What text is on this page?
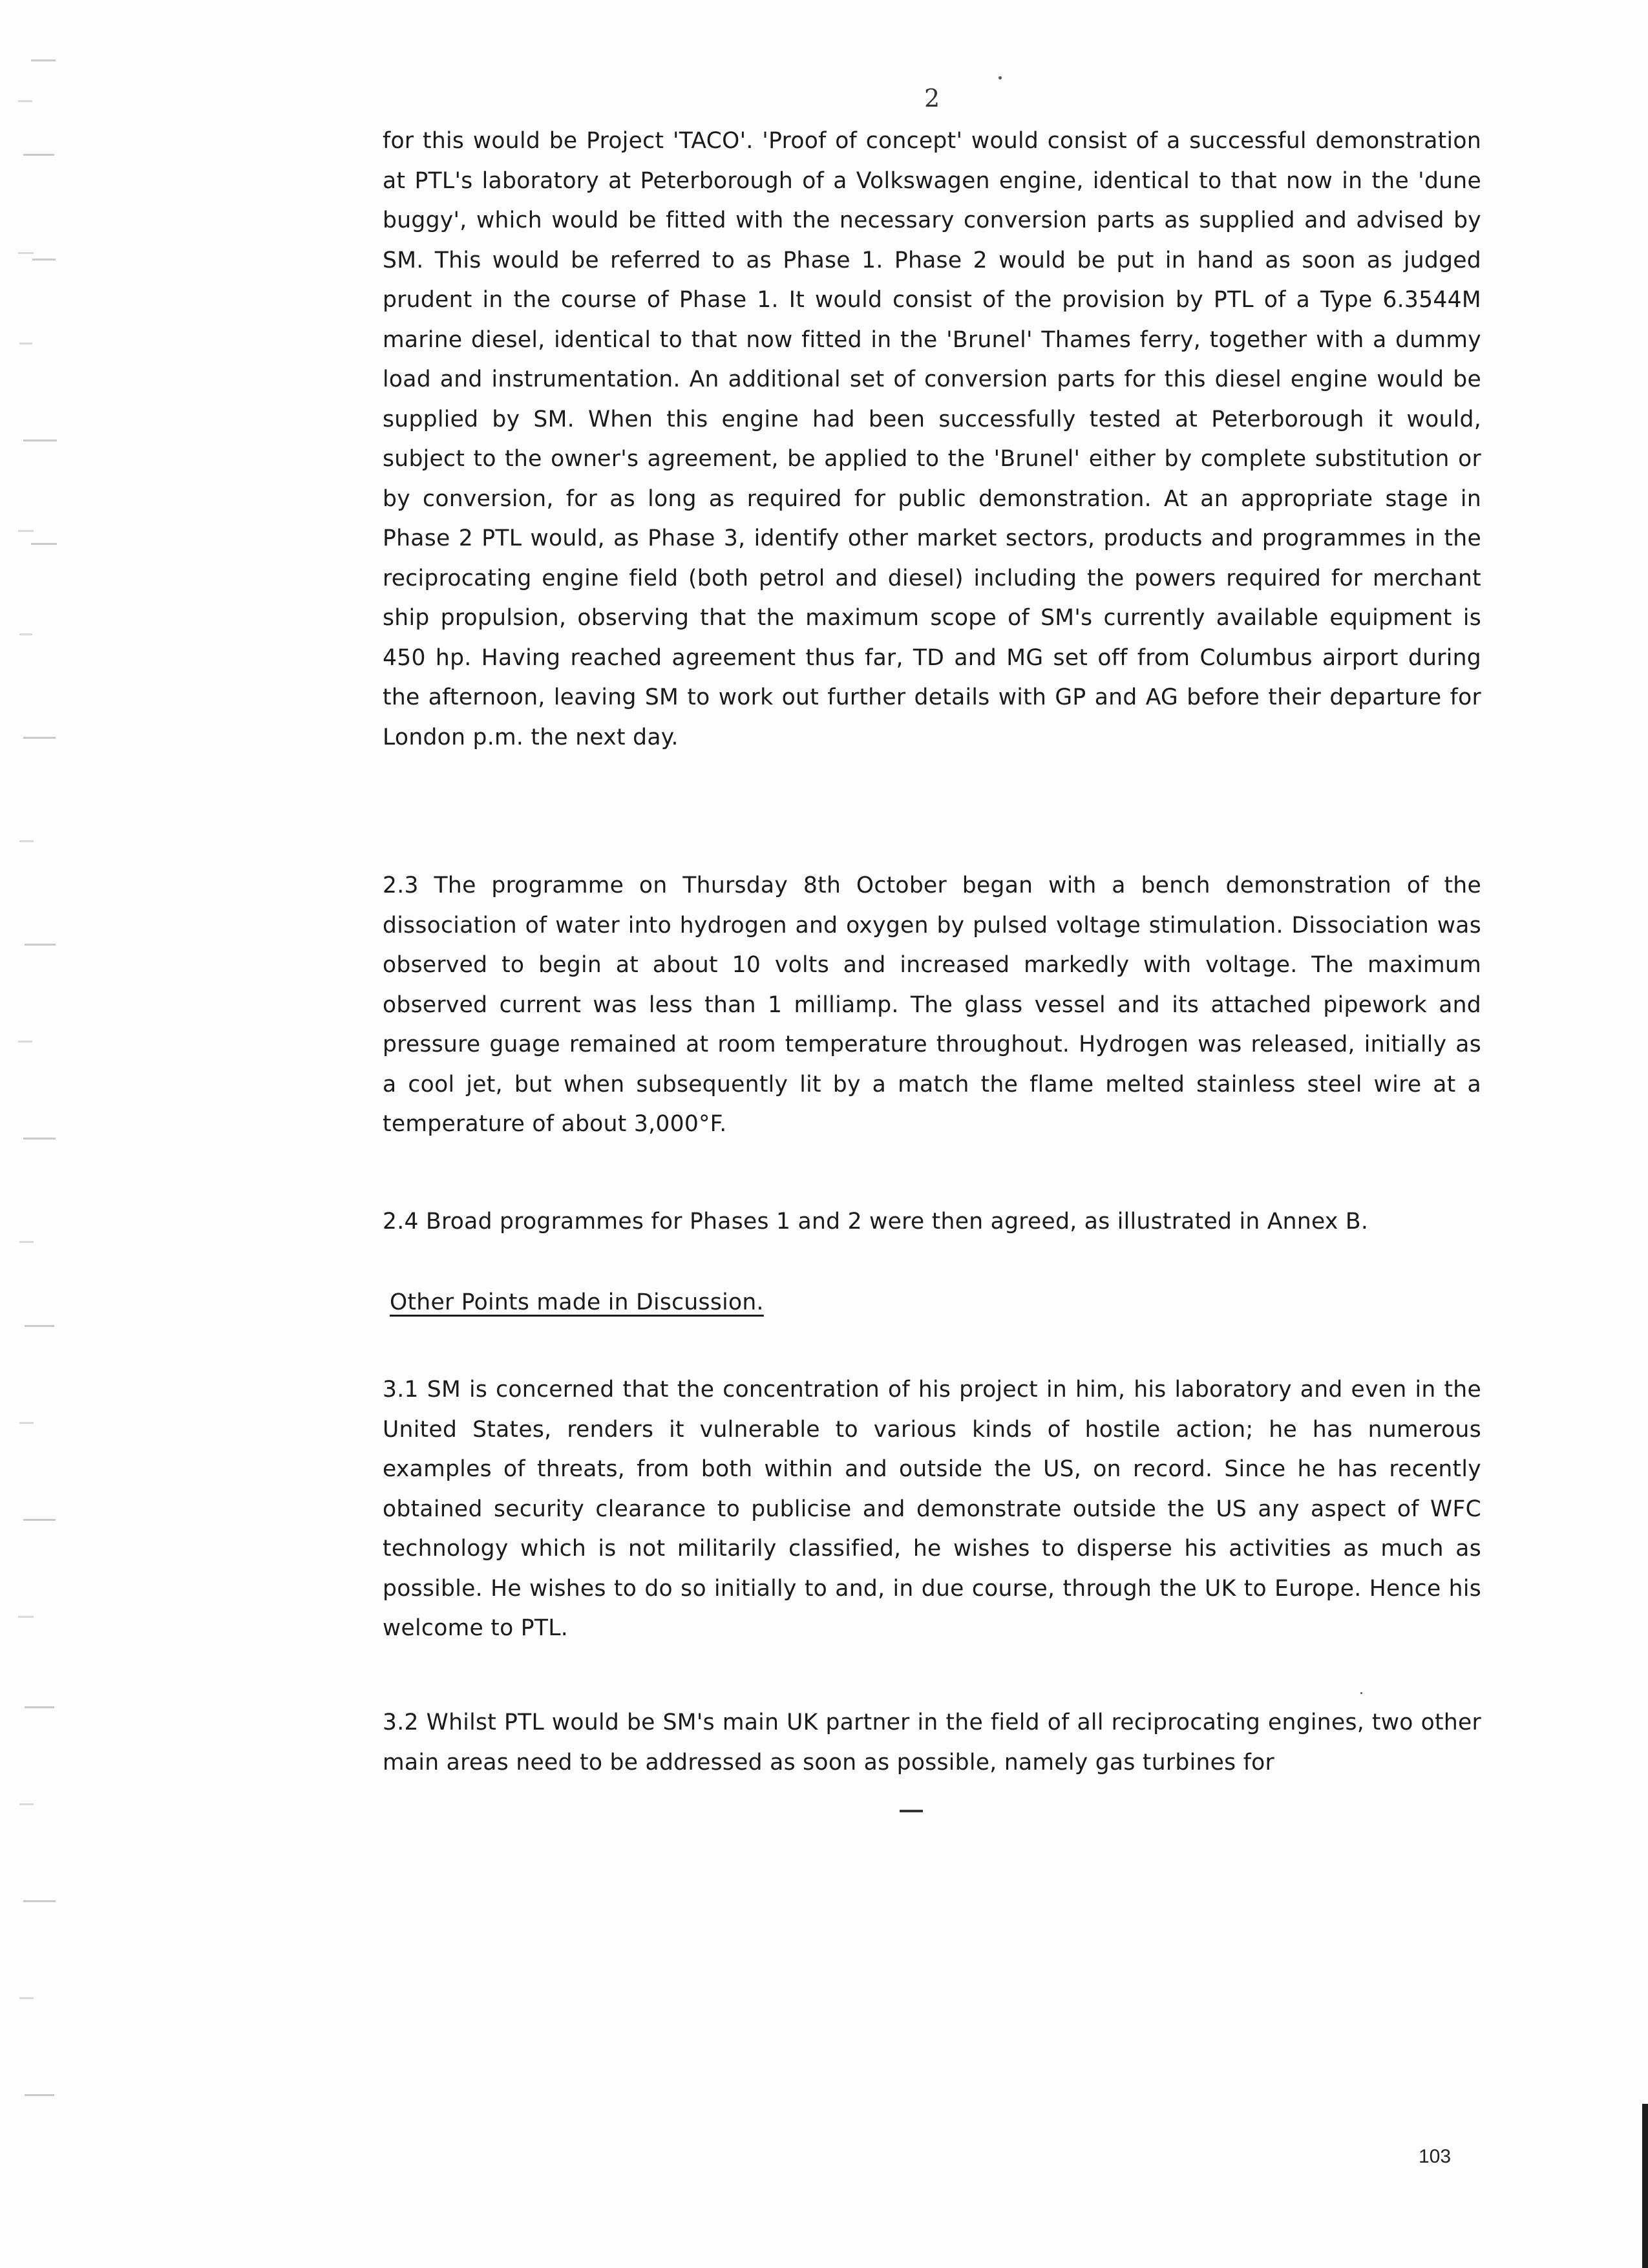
2
for this would be Project 'TACO'. 'Proof of concept' would consist of a successful demonstration at PTL's laboratory at Peterborough of a Volkswagen engine, identical to that now in the 'dune buggy', which would be fitted with the necessary conversion parts as supplied and advised by SM. This would be referred to as Phase 1. Phase 2 would be put in hand as soon as judged prudent in the course of Phase 1. It would consist of the provision by PTL of a Type 6.3544M marine diesel, identical to that now fitted in the 'Brunel' Thames ferry, together with a dummy load and instrumentation. An additional set of conversion parts for this diesel engine would be supplied by SM. When this engine had been successfully tested at Peterborough it would, subject to the owner's agreement, be applied to the 'Brunel' either by complete substitution or by conversion, for as long as required for public demonstration. At an appropriate stage in Phase 2 PTL would, as Phase 3, identify other market sectors, products and programmes in the reciprocating engine field (both petrol and diesel) including the powers required for merchant ship propulsion, observing that the maximum scope of SM's currently available equipment is 450 hp. Having reached agreement thus far, TD and MG set off from Columbus airport during the afternoon, leaving SM to work out further details with GP and AG before their departure for London p.m. the next day.
2.3 The programme on Thursday 8th October began with a bench demonstration of the dissociation of water into hydrogen and oxygen by pulsed voltage stimulation. Dissociation was observed to begin at about 10 volts and increased markedly with voltage. The maximum observed current was less than 1 milliamp. The glass vessel and its attached pipework and pressure guage remained at room temperature throughout. Hydrogen was released, initially as a cool jet, but when subsequently lit by a match the flame melted stainless steel wire at a temperature of about 3,000°F.
2.4 Broad programmes for Phases 1 and 2 were then agreed, as illustrated in Annex B.
Other Points made in Discussion.
3.1 SM is concerned that the concentration of his project in him, his laboratory and even in the United States, renders it vulnerable to various kinds of hostile action; he has numerous examples of threats, from both within and outside the US, on record. Since he has recently obtained security clearance to publicise and demonstrate outside the US any aspect of WFC technology which is not militarily classified, he wishes to disperse his activities as much as possible. He wishes to do so initially to and, in due course, through the UK to Europe. Hence his welcome to PTL.
3.2 Whilst PTL would be SM's main UK partner in the field of all reciprocating engines, two other main areas need to be addressed as soon as possible, namely gas turbines for
103
